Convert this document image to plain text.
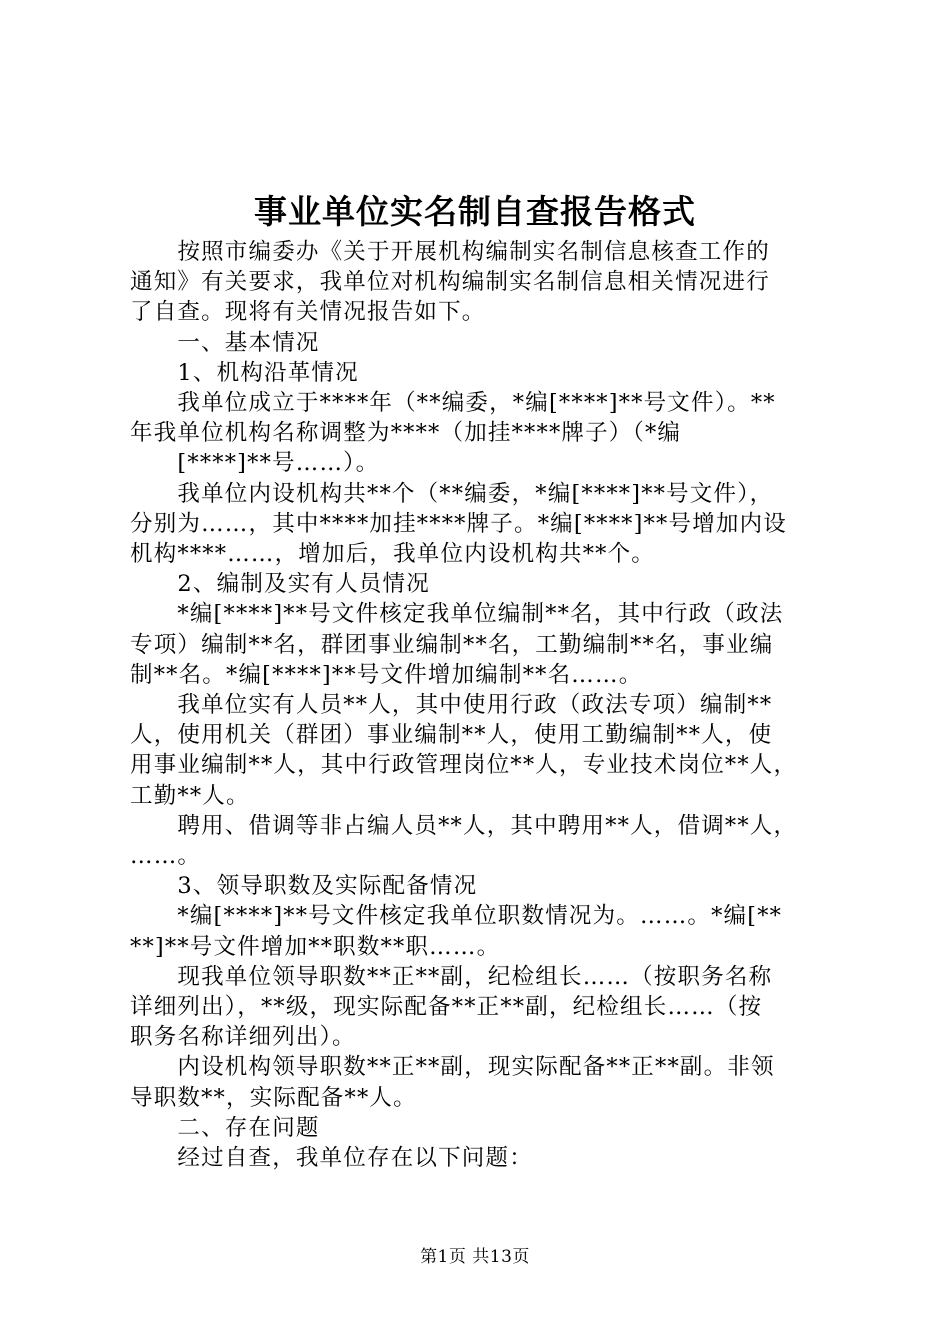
事业单位实名制自查报告格式
　　按照市编委办《关于开展机构编制实名制信息核查工作的
通知》有关要求，我单位对机构编制实名制信息相关情况进行
了自查。现将有关情况报告如下。
　　一、基本情况
　　1、机构沿革情况
　　我单位成立于****年（**编委，*编[****]**号文件）。**
年我单位机构名称调整为****（加挂****牌子）（*编
　　[****]**号……）。
　　我单位内设机构共**个（**编委，*编[****]**号文件），
分别为……，其中****加挂****牌子。*编[****]**号增加内设
机构****……，增加后，我单位内设机构共**个。
　　2、编制及实有人员情况
　　*编[****]**号文件核定我单位编制**名，其中行政（政法
专项）编制**名，群团事业编制**名，工勤编制**名，事业编
制**名。*编[****]**号文件增加编制**名……。
　　我单位实有人员**人，其中使用行政（政法专项）编制**
人，使用机关（群团）事业编制**人，使用工勤编制**人，使
用事业编制**人，其中行政管理岗位**人，专业技术岗位**人，
工勤**人。
　　聘用、借调等非占编人员**人，其中聘用**人，借调**人，
……。
　　3、领导职数及实际配备情况
　　*编[****]**号文件核定我单位职数情况为。……。*编[**
**]**号文件增加**职数**职……。
　　现我单位领导职数**正**副，纪检组长……（按职务名称
详细列出），**级，现实际配备**正**副，纪检组长……（按
职务名称详细列出）。
　　内设机构领导职数**正**副，现实际配备**正**副。非领
导职数**，实际配备**人。
　　二、存在问题
　　经过自查，我单位存在以下问题：
第1页 共13页
